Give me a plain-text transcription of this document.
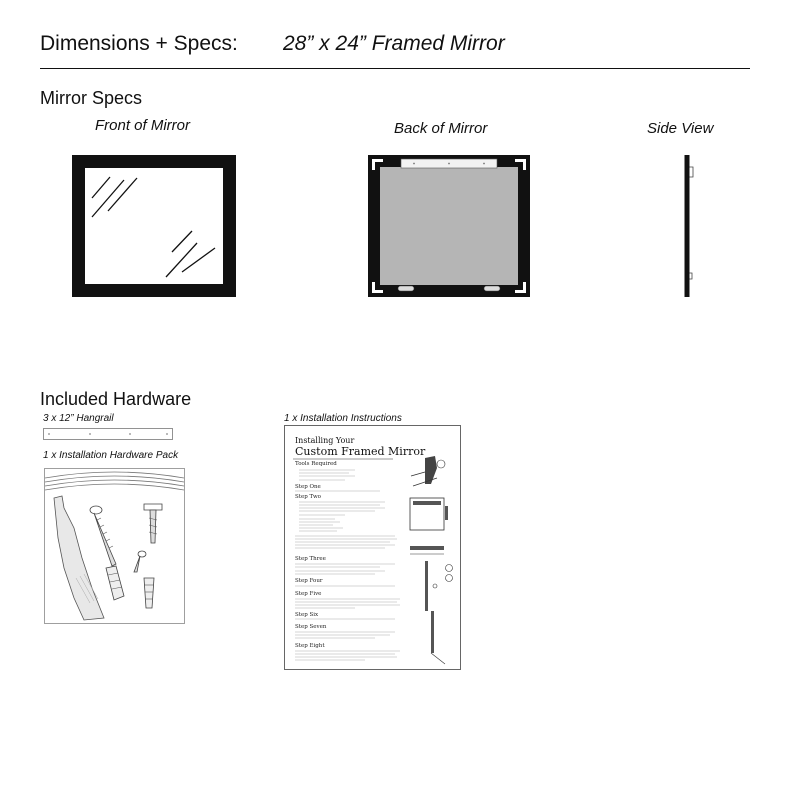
Dimensions + Specs: 28” x 24” Framed Mirror
Mirror Specs
Front of Mirror	Back of Mirror	Side View
Included Hardware
3 x 12” Hangrail
1 x Installation Hardware Pack
1 x Installation Instructions
Installing Your
Custom Framed Mirror
Tools Required
Step One
Step Two
Step Three
Step Four
Step Five
Step Six
Step Seven
Step Eight
